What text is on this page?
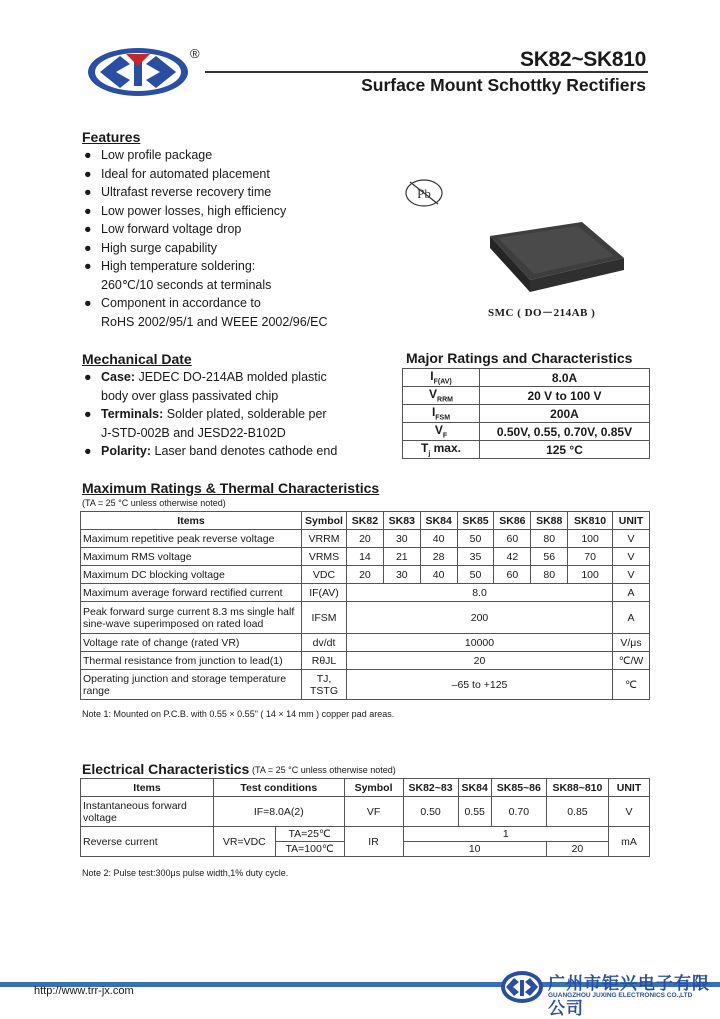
®	SK82~SK810
Surface Mount Schottky Rectifiers
Features
● Low profile package
● Ideal for automated placement
● Ultrafast reverse recovery time
● Low power losses, high efficiency
● Low forward voltage drop
● High surge capability
● High temperature soldering:
260℃/10 seconds at terminals
● Component in accordance to
RoHS 2002/95/1 and WEEE 2002/96/EC
Pb
SMC ( DO－214AB )
Mechanical Date
● Case: JEDEC DO-214AB molded plastic
body over glass passivated chip
● Terminals: Solder plated, solderable per
J-STD-002B and JESD22-B102D
● Polarity: Laser band denotes cathode end
Major Ratings and Characteristics
$I_{F(AV)}$	8.0A
$V_{RRM}$	20 V to 100 V
$I_{FSM}$	200A
$V_F$	0.50V, 0.55, 0.70V, 0.85V
$T_j$ max.	125 °C
Maximum Ratings & Thermal Characteristics
(TA = 25 °C unless otherwise noted)
Items	Symbol	SK82	SK83	SK84	SK85	SK86	SK88	SK810	UNIT
Maximum repetitive peak reverse voltage	VRRM	20	30	40	50	60	80	100	V
Maximum RMS voltage	VRMS	14	21	28	35	42	56	70	V
Maximum DC blocking voltage	VDC	20	30	40	50	60	80	100	V
Maximum average forward rectified current	IF(AV)	8.0							A
Peak forward surge current 8.3 ms single half sine-wave superimposed on rated load	IFSM	200							A
Voltage rate of change (rated VR)	dv/dt	10000							V/μs
Thermal resistance from junction to lead(1)	RθJL	20							℃/W
Operating junction and storage temperature range	TJ, TSTG	–65 to +125							℃
Note 1: Mounted on P.C.B. with 0.55 × 0.55" ( 14 × 14 mm ) copper pad areas.
Electrical Characteristics (TA = 25 °C unless otherwise noted)
Items	Test conditions		Symbol	SK82~83	SK84	SK85~86	SK88~810	UNIT
Instantaneous forward voltage	IF=8.0A(2)		VF	0.50	0.55	0.70	0.85	V
Reverse current	VR=VDC	TA=25℃	IR	1				mA
		TA=100℃		10			20	
Note 2: Pulse test:300μs pulse width,1% duty cycle.
http://www.trr-jx.com	广州市钜兴电子有限公司
GUANGZHOU JUXING ELECTRONICS CO.,LTD
